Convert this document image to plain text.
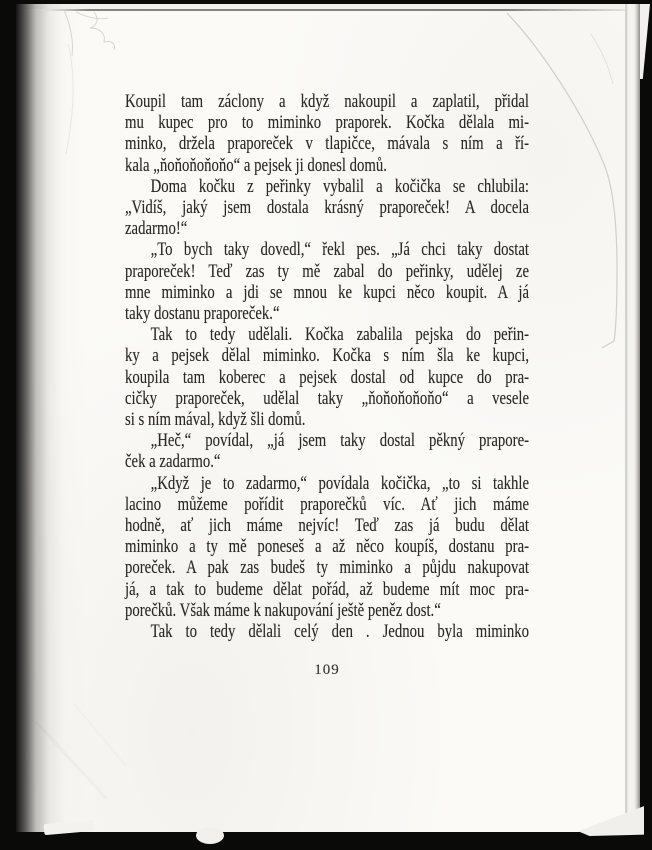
Koupil tam záclony a když nakoupil a zaplatil, přidal
mu kupec pro to miminko praporek. Kočka dělala mi-
minko, držela praporeček v tlapičce, mávala s ním a ří-
kala „ňoňoňoňoňo“ a pejsek ji donesl domů.
Doma kočku z peřinky vybalil a kočička se chlubila:
„Vidíš, jaký jsem dostala krásný praporeček! A docela
zadarmo!“
„To bych taky dovedl,“ řekl pes. „Já chci taky dostat
praporeček! Teď zas ty mě zabal do peřinky, udělej ze
mne miminko a jdi se mnou ke kupci něco koupit. A já
taky dostanu praporeček.“
Tak to tedy udělali. Kočka zabalila pejska do peřin-
ky a pejsek dělal miminko. Kočka s ním šla ke kupci,
koupila tam koberec a pejsek dostal od kupce do pra-
cičky praporeček, udělal taky „ňoňoňoňoňo“ a vesele
si s ním mával, když šli domů.
„Heč,“ povídal, „já jsem taky dostal pěkný prapore-
ček a zadarmo.“
„Když je to zadarmo,“ povídala kočička, „to si takhle
lacino můžeme pořídit praporečků víc. Ať jich máme
hodně, ať jich máme nejvíc! Teď zas já budu dělat
miminko a ty mě poneseš a až něco koupíš, dostanu pra-
poreček. A pak zas budeš ty miminko a půjdu nakupovat
já, a tak to budeme dělat pořád, až budeme mít moc pra-
porečků. Však máme k nakupování ještě peněz dost.“
Tak to tedy dělali celý den . Jednou byla miminko
109
